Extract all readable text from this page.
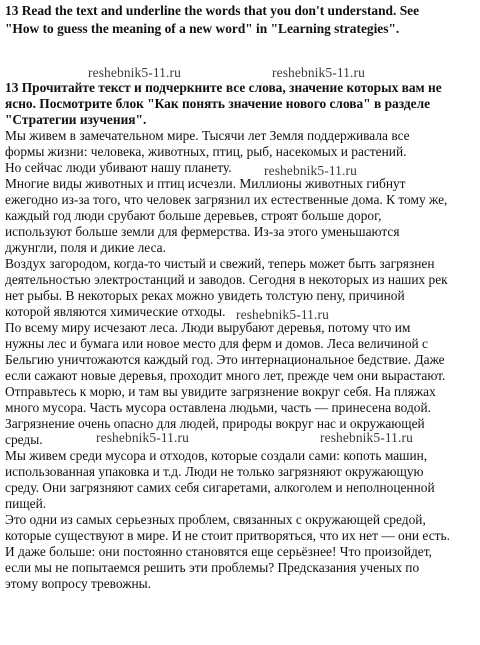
13 Read the text and underline the words that you don't understand. See
"How to guess the meaning of a new word" in "Learning strategies".
reshebnik5-11.ru	reshebnik5-11.ru
13 Прочитайте текст и подчеркните все слова, значение которых вам не
ясно. Посмотрите блок "Как понять значение нового слова" в разделе
"Стратегии изучения".
Мы живем в замечательном мире. Тысячи лет Земля поддерживала все
формы жизни: человека, животных, птиц, рыб, насекомых и растений.
Но сейчас люди убивают нашу планету.
Многие виды животных и птиц исчезли. Миллионы животных гибнут
ежегодно из-за того, что человек загрязнил их естественные дома. К тому же,
каждый год люди срубают больше деревьев, строят больше дорог,
используют больше земли для фермерства. Из-за этого уменьшаются
джунгли, поля и дикие леса.
Воздух загородом, когда-то чистый и свежий, теперь может быть загрязнен
деятельностью электростанций и заводов. Сегодня в некоторых из наших рек
нет рыбы. В некоторых реках можно увидеть толстую пену, причиной
которой являются химические отходы.
По всему миру исчезают леса. Люди вырубают деревья, потому что им
нужны лес и бумага или новое место для ферм и домов. Леса величиной с
Бельгию уничтожаются каждый год. Это интернациональное бедствие. Даже
если сажают новые деревья, проходит много лет, прежде чем они вырастают.
Отправьтесь к морю, и там вы увидите загрязнение вокруг себя. На пляжах
много мусора. Часть мусора оставлена людьми, часть — принесена водой.
Загрязнение очень опасно для людей, природы вокруг нас и окружающей
среды.
Мы живем среди мусора и отходов, которые создали сами: копоть машин,
использованная упаковка и т.д. Люди не только загрязняют окружающую
среду. Они загрязняют самих себя сигаретами, алкоголем и неполноценной
пищей.
Это одни из самых серьезных проблем, связанных с окружающей средой,
которые существуют в мире. И не стоит притворяться, что их нет — они есть.
И даже больше: они постоянно становятся еще серьёзнее! Что произойдет,
если мы не попытаемся решить эти проблемы? Предсказания ученых по
этому вопросу тревожны.
reshebnik5-11.ru
reshebnik5-11.ru
reshebnik5-11.ru	reshebnik5-11.ru
